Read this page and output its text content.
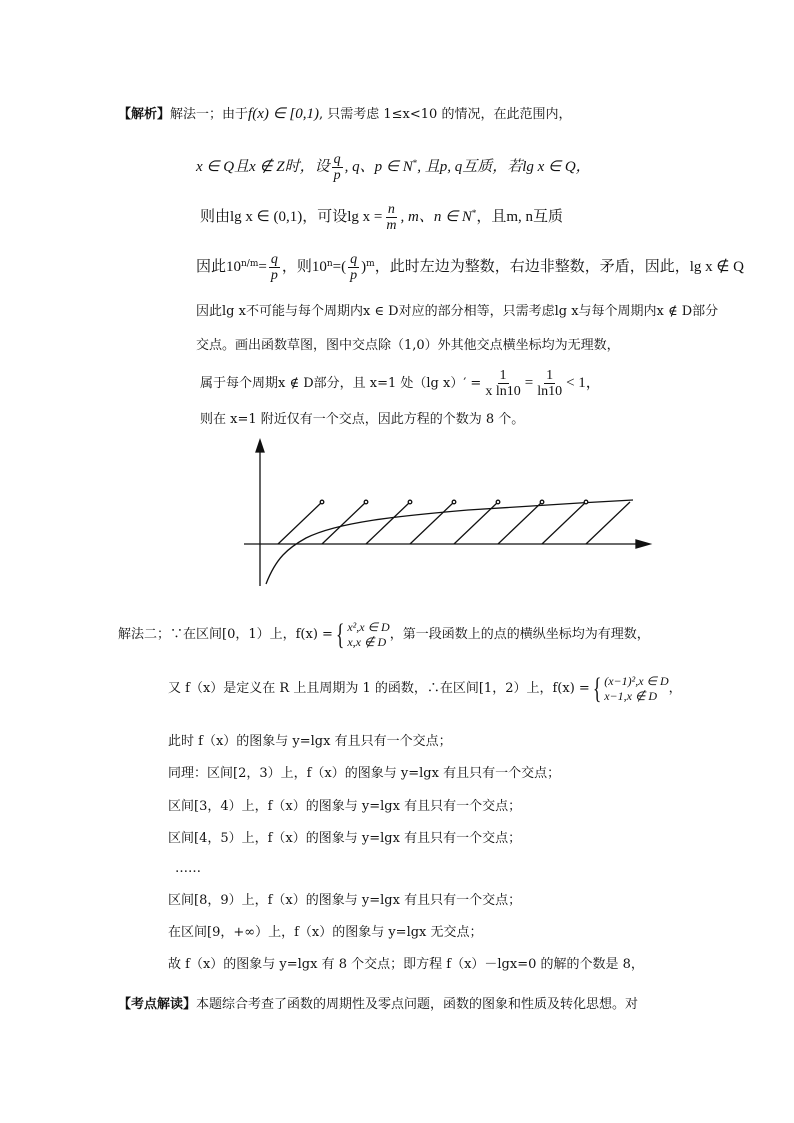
【解析】解法一；由于f(x) ∈ [0,1), 只需考虑 1≤x<10 的情况，在此范围内，
x ∈ Q且x ∉ Z时，设 $\frac{q}{p}$ , q、p ∈ N*, 且p, q互质，若lg x ∈ Q，
则由lg x ∈ (0,1)，可设$\lg x = \frac{n}{m}$ , m、n ∈ N*，且m, n互质
因此$10n/m= \frac{q}{p}$ ，则$10n=( \frac{q}{p} )m$，此时左边为整数，右边非整数，矛盾，因此，lg x ∉ Q
因此lg x不可能与每个周期内x ∈ D对应的部分相等，只需考虑lg x与每个周期内x ∉ D部分
交点。画出函数草图，图中交点除（1,0）外其他交点横坐标均为无理数，
属于每个周期x ∉ D部分，且 x=1 处（lg $x)' = \frac{1}{\text{x ln10}} = \frac{1}{\ln 10} < 1$，
则在 x=1 附近仅有一个交点，因此方程的个数为 8 个。
解法二；∵在区间[0，1）上，f(x) = { x²,x ∈ D
x,x ∉ D ，第一段函数上的点的横纵坐标均为有理数，
又 f（x）是定义在 R 上且周期为 1 的函数，∴在区间[1，2）上，f(x) = { (x−1)²,x ∈ D
x−1,x ∉ D ，
此时 f（x）的图象与 y=lgx 有且只有一个交点；
同理：区间[2，3）上，f（x）的图象与 y=lgx 有且只有一个交点；
区间[3，4）上，f（x）的图象与 y=lgx 有且只有一个交点；
区间[4，5）上，f（x）的图象与 y=lgx 有且只有一个交点；
……
区间[8，9）上，f（x）的图象与 y=lgx 有且只有一个交点；
在区间[9，+∞）上，f（x）的图象与 y=lgx 无交点；
故 f（x）的图象与 y=lgx 有 8 个交点；即方程 f（x）－lgx=0 的解的个数是 8，
【考点解读】本题综合考查了函数的周期性及零点问题，函数的图象和性质及转化思想。对
